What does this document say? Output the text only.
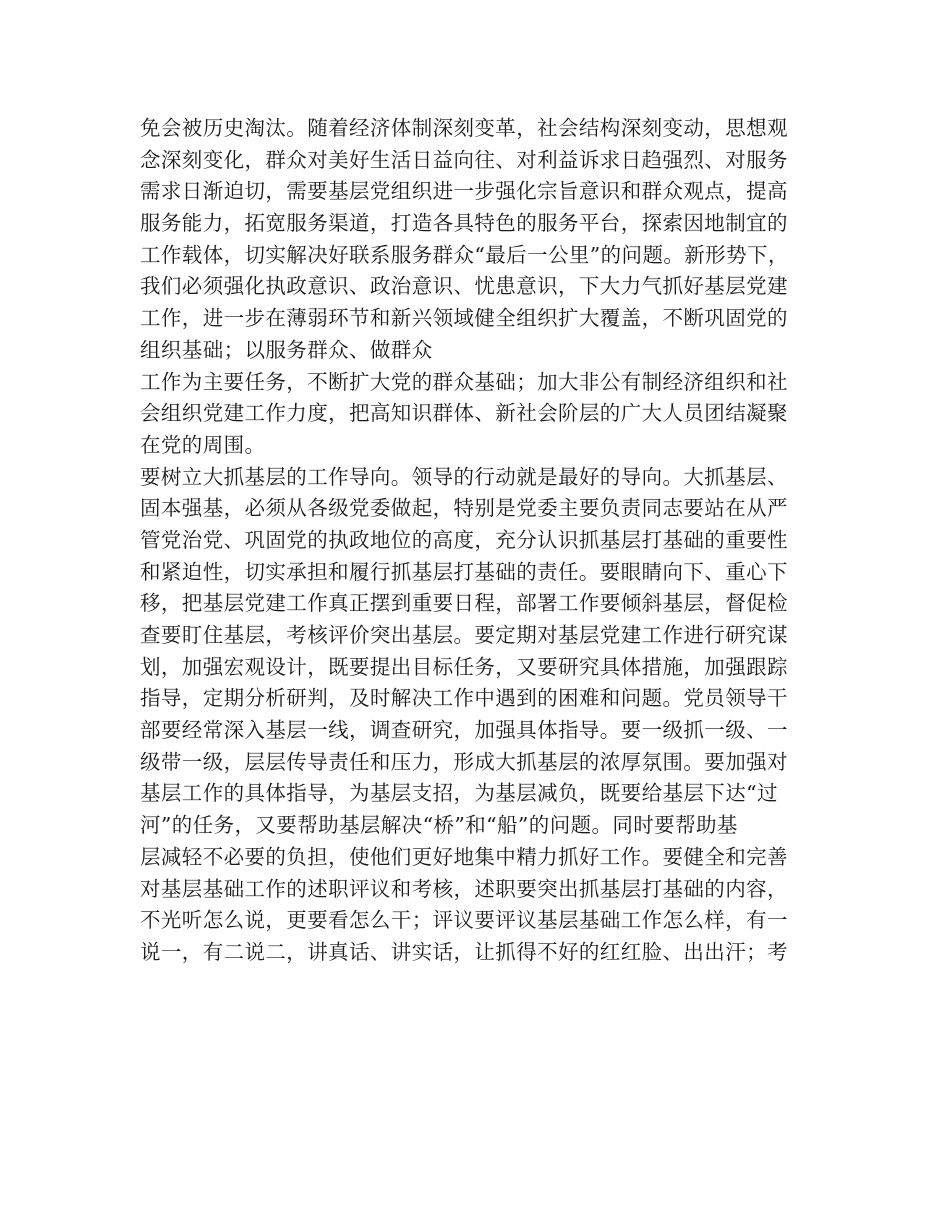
免会被历史淘汰。随着经济体制深刻变革，社会结构深刻变动，思想观
念深刻变化，群众对美好生活日益向往、对利益诉求日趋强烈、对服务
需求日渐迫切，需要基层党组织进一步强化宗旨意识和群众观点，提高
服务能力，拓宽服务渠道，打造各具特色的服务平台，探索因地制宜的
工作载体，切实解决好联系服务群众“最后一公里”的问题。新形势下，
我们必须强化执政意识、政治意识、忧患意识，下大力气抓好基层党建
工作，进一步在薄弱环节和新兴领域健全组织扩大覆盖，不断巩固党的
组织基础；以服务群众、做群众
工作为主要任务，不断扩大党的群众基础；加大非公有制经济组织和社
会组织党建工作力度，把高知识群体、新社会阶层的广大人员团结凝聚
在党的周围。
要树立大抓基层的工作导向。领导的行动就是最好的导向。大抓基层、
固本强基，必须从各级党委做起，特别是党委主要负责同志要站在从严
管党治党、巩固党的执政地位的高度，充分认识抓基层打基础的重要性
和紧迫性，切实承担和履行抓基层打基础的责任。要眼睛向下、重心下
移，把基层党建工作真正摆到重要日程，部署工作要倾斜基层，督促检
查要盯住基层，考核评价突出基层。要定期对基层党建工作进行研究谋
划，加强宏观设计，既要提出目标任务，又要研究具体措施，加强跟踪
指导，定期分析研判，及时解决工作中遇到的困难和问题。党员领导干
部要经常深入基层一线，调查研究，加强具体指导。要一级抓一级、一
级带一级，层层传导责任和压力，形成大抓基层的浓厚氛围。要加强对
基层工作的具体指导，为基层支招，为基层减负，既要给基层下达“过
河”的任务，又要帮助基层解决“桥”和“船”的问题。同时要帮助基
层减轻不必要的负担，使他们更好地集中精力抓好工作。要健全和完善
对基层基础工作的述职评议和考核，述职要突出抓基层打基础的内容，
不光听怎么说，更要看怎么干；评议要评议基层基础工作怎么样，有一
说一，有二说二，讲真话、讲实话，让抓得不好的红红脸、出出汗；考
